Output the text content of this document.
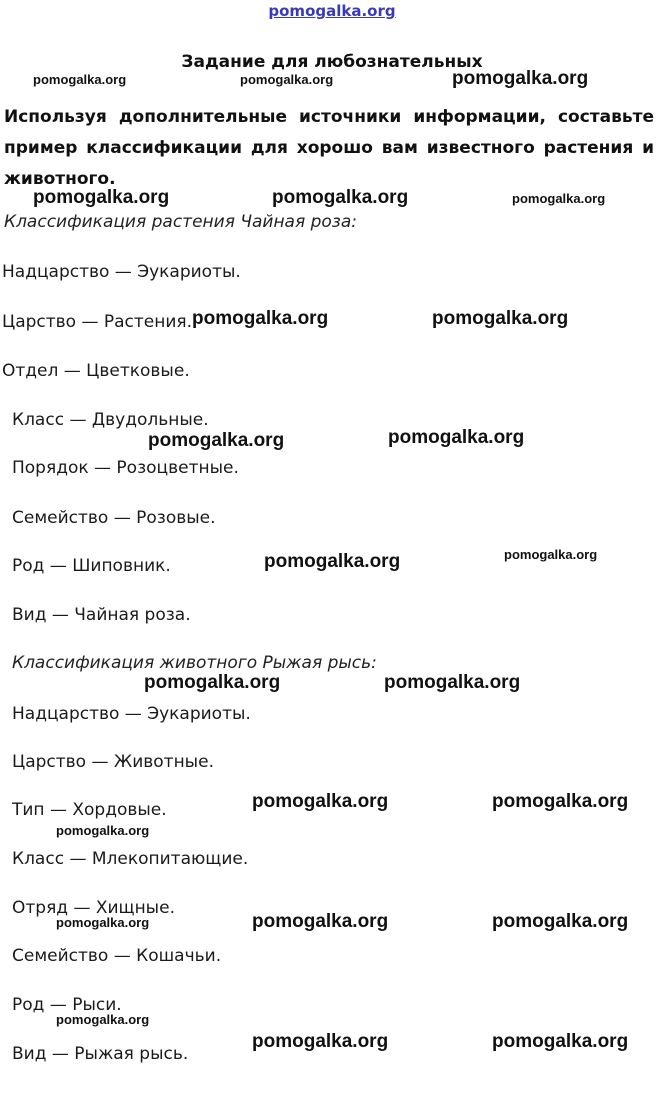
pomogalka.org
Задание для любознательных
Используя дополнительные источники информации, составьте пример классификации для хорошо вам известного растения и животного.
Классификация растения Чайная роза:
Надцарство — Эукариоты.
Царство — Растения.
Отдел — Цветковые.
Класс — Двудольные.
Порядок — Розоцветные.
Семейство — Розовые.
Род — Шиповник.
Вид — Чайная роза.
Классификация животного Рыжая рысь:
Надцарство — Эукариоты.
Царство — Животные.
Тип — Хордовые.
Класс — Млекопитающие.
Отряд — Хищные.
Семейство — Кошачьи.
Род — Рыси.
Вид — Рыжая рысь.
pomogalka.org	pomogalka.org	pomogalka.org
pomogalka.org	pomogalka.org	pomogalka.org
pomogalka.org	pomogalka.org
pomogalka.org	pomogalka.org
pomogalka.org	pomogalka.org
pomogalka.org	pomogalka.org
pomogalka.org	pomogalka.org
pomogalka.org
pomogalka.org	pomogalka.org
pomogalka.org
pomogalka.org
pomogalka.org	pomogalka.org
